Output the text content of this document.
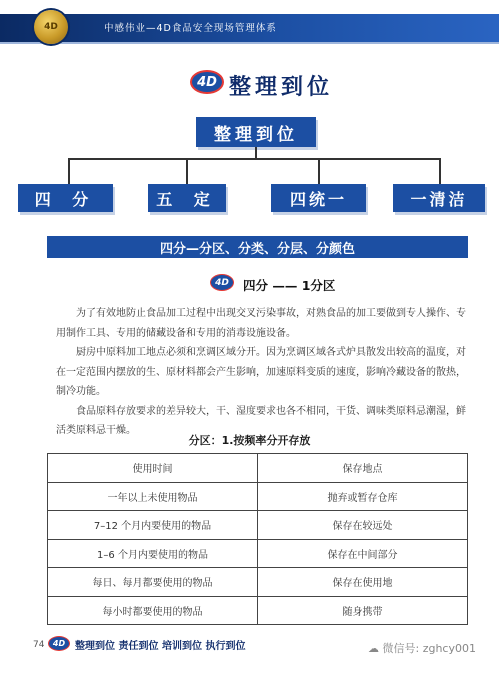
4D	中感伟业—4D食品安全现场管理体系
4D 整理到位
整理到位
四 分	五 定	四统一	一清洁
四分—分区、分类、分层、分颜色
4D 四分 —— 1分区

为了有效地防止食品加工过程中出现交叉污染事故，对熟食品的加工要做到专人操作、专用制作工具、专用的储藏设备和专用的消毒设施设备。

厨房中原料加工地点必须和烹调区域分开。因为烹调区域各式炉具散发出较高的温度，对在一定范围内摆放的生、原材料都会产生影响，加速原料变质的速度，影响冷藏设备的散热，制冷功能。

食品原料存放要求的差异较大，干、湿度要求也各不相同，干货、调味类原料忌潮湿，鲜活类原料忌干燥。

分区：1.按频率分开存放
使用时间	保存地点
一年以上未使用物品	抛弃或暂存仓库
7–12 个月内要使用的物品	保存在较远处
1–6 个月内要使用的物品	保存在中间部分
每日、每月都要使用的物品	保存在使用地
每小时都要使用的物品	随身携带
74 4D 整理到位 责任到位 培训到位 执行到位	☁ 微信号: zghcy001
